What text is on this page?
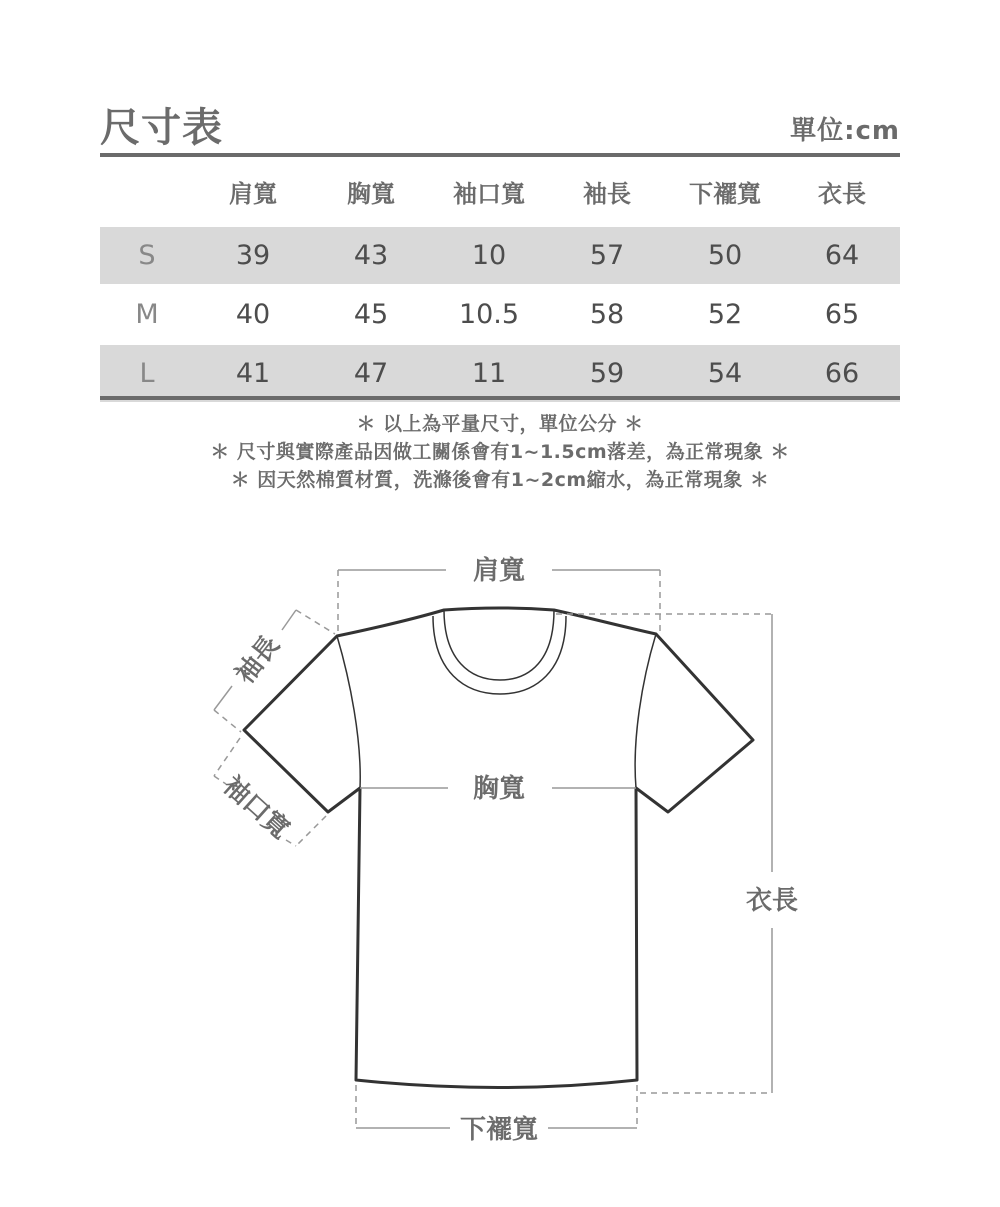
尺寸表	單位:cm
	肩寬	胸寬	袖口寬	袖長	下襬寬	衣長
S	39	43	10	57	50	64
M	40	45	10.5	58	52	65
L	41	47	11	59	54	66
＊ 以上為平量尺寸，單位公分 ＊
＊ 尺寸與實際產品因做工關係會有1~1.5cm落差，為正常現象 ＊
＊ 因天然棉質材質，洗滌後會有1~2cm縮水，為正常現象 ＊
肩寬
胸寬
衣長
下襬寬
袖長
袖口寬
